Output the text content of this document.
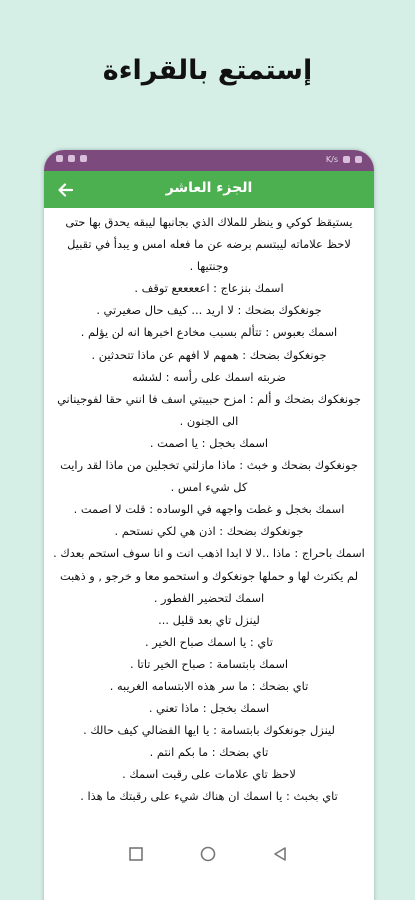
إستمتع بالقراءة
K/s
الجزء العاشر

يستيقظ كوكي و ينظر للملاك الذي بجانبها ليبقه يحدق بها حتى لاحظ علاماته ليبتسم برضه عن ما فعله امس و يبدأ في تقبيل وجنتيها .

اسمك بنزعاج : اعععععع توقف .

جونغكوك بضحك : لا اريد ... كيف حال صغيرتي .

اسمك بعبوس : تتألم بسبب مخادع اخبرها انه لن يؤلم .

جونغكوك بضحك : همهم لا افهم عن ماذا تتحدثين .

ضربته اسمك على رأسه : لششه

جونغكوك بضحك و ألم : امزح حبيبتي اسف فا انني حقا لفوجيناني الى الجنون .

اسمك بخجل : يا اصمت .

جونغكوك بضحك و خبث : ماذا مازلتي تخجلين من ماذا لقد رايت كل شيء امس .

اسمك بخجل و غطت واجهه في الوساده : قلت لا اصمت .

جونغكوك بضحك : اذن هي لكي نستحم .

اسمك باحراج : ماذا ..لا لا ابدا اذهب انت و انا سوف استحم بعدك .

لم يكترث لها و حملها جونغكوك و استحمو معا و خرجو , و ذهبت اسمك لتحضير الفطور .

لينزل تاي بعد قليل ...

تاي : يا اسمك صباح الخير .

اسمك بابتسامة : صباح الخير تاتا .

تاي بضحك : ما سر هذه الابتسامه الغريبه .

اسمك بخجل : ماذا تعني .

لينزل جونغكوك بابتسامة : يا ايها الفضالي كيف حالك .

تاي بضحك : ما بكم انتم .

لاحظ تاي علامات على رقبت اسمك .

تاي بخبث : يا اسمك ان هناك شيء على رقبتك ما هذا .
